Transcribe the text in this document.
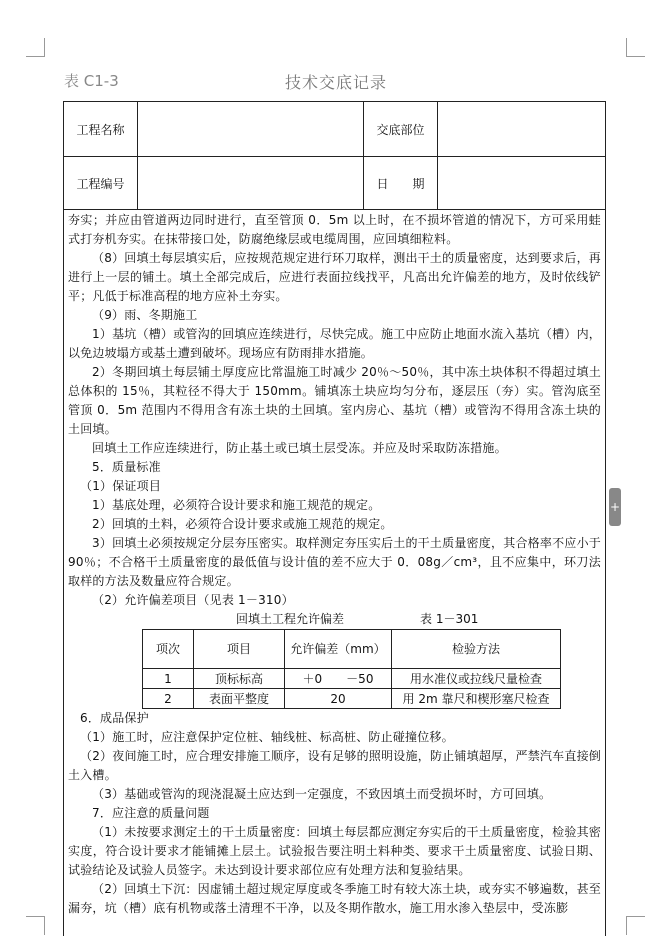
表 C1-3	技术交底记录
工程名称	交底部位
工程编号	日　　期

夯实；并应由管道两边同时进行，直至管顶 0．5m 以上时，在不损坏管道的情况下，方可采用蛙式打夯机夯实。在抹带接口处，防腐绝缘层或电缆周围，应回填细粒料。

（8）回填土每层填实后，应按规范规定进行环刀取样，测出干土的质量密度，达到要求后，再进行上一层的铺土。填土全部完成后，应进行表面拉线找平，凡高出允许偏差的地方，及时依线铲平；凡低于标准高程的地方应补土夯实。

（9）雨、冬期施工

1）基坑（槽）或管沟的回填应连续进行，尽快完成。施工中应防止地面水流入基坑（槽）内，以免边坡塌方或基土遭到破坏。现场应有防雨排水措施。

2）冬期回填土每层铺土厚度应比常温施工时减少 20％～50％，其中冻土块体积不得超过填土总体积的 15％，其粒径不得大于 150mm。铺填冻土块应均匀分布，逐层压（夯）实。管沟底至管顶 0．5m 范围内不得用含有冻土块的土回填。室内房心、基坑（槽）或管沟不得用含冻土块的土回填。

回填土工作应连续进行，防止基土或已填土层受冻。并应及时采取防冻措施。

5．质量标准

（1）保证项目

1）基底处理，必须符合设计要求和施工规范的规定。

2）回填的土料，必须符合设计要求或施工规范的规定。

3）回填土必须按规定分层夯压密实。取样测定夯压实后土的干土质量密度，其合格率不应小于 90％；不合格干土质量密度的最低值与设计值的差不应大于 0．08g／cm³，且不应集中，环刀法取样的方法及数量应符合规定。

（2）允许偏差项目（见表 1－310）

回填土工程允许偏差	表 1－301
项次	项目	允许偏差（mm）	检验方法
1	顶标标高	＋0　　－50	用水准仪或拉线尺量检查
2	表面平整度	20	用 2m 靠尺和楔形塞尺检查

6．成品保护

（1）施工时，应注意保护定位桩、轴线桩、标高桩、防止碰撞位移。

（2）夜间施工时，应合理安排施工顺序，设有足够的照明设施，防止铺填超厚，严禁汽车直接倒土入槽。

（3）基础或管沟的现浇混凝土应达到一定强度，不致因填土而受损坏时，方可回填。

7．应注意的质量问题

（1）未按要求测定土的干土质量密度：回填土每层都应测定夯实后的干土质量密度，检验其密实度，符合设计要求才能铺摊上层土。试验报告要注明土料种类、要求干土质量密度、试验日期、试验结论及试验人员签字。未达到设计要求部位应有处理方法和复验结果。

（2）回填土下沉：因虚铺土超过规定厚度或冬季施工时有较大冻土块，或夯实不够遍数，甚至漏夯，坑（槽）底有机物或落土清理不干净，以及冬期作散水，施工用水渗入垫层中，受冻膨

+
